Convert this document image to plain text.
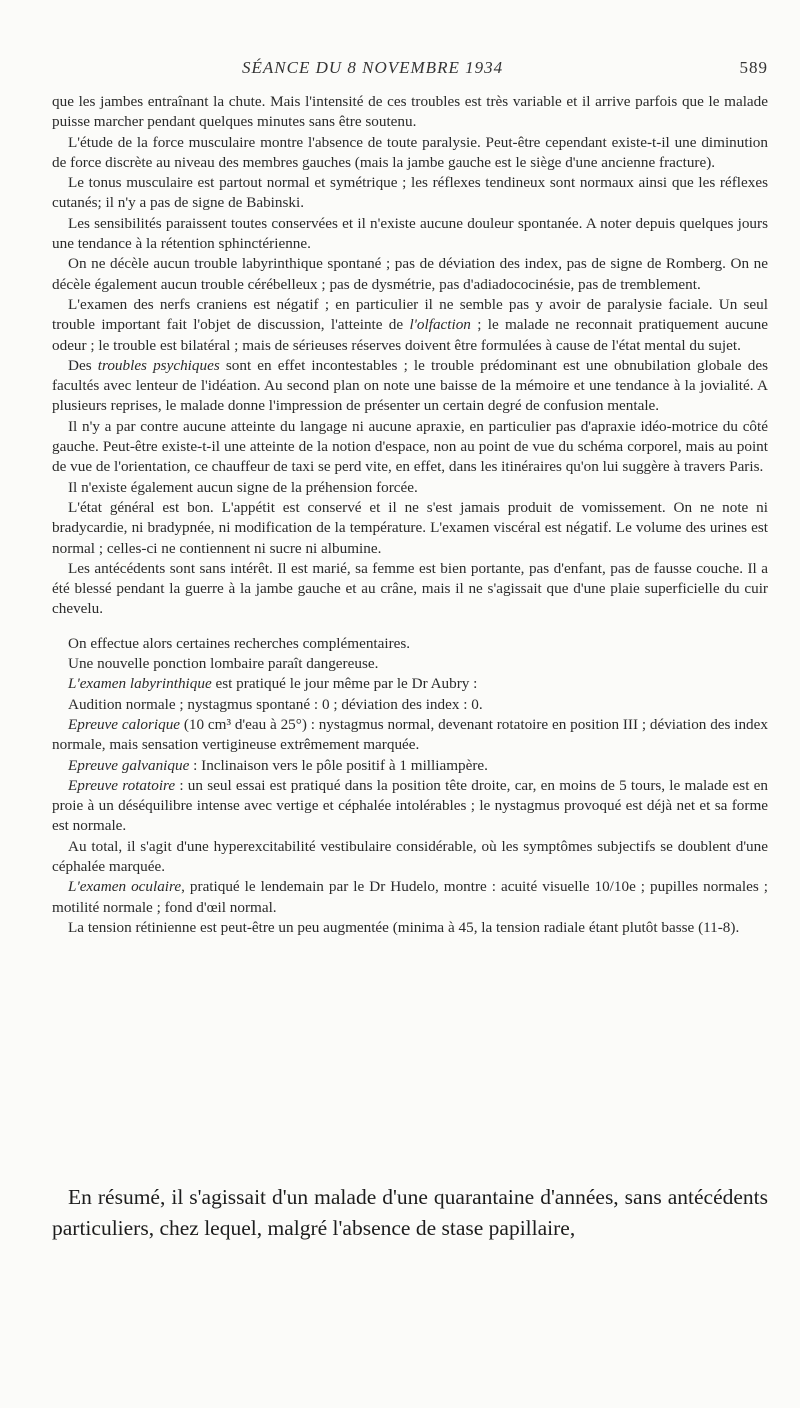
SÉANCE DU 8 NOVEMBRE 1934	589

que les jambes entraînant la chute. Mais l'intensité de ces troubles est très variable et il arrive parfois que le malade puisse marcher pendant quelques minutes sans être soutenu.

L'étude de la force musculaire montre l'absence de toute paralysie. Peut-être cependant existe-t-il une diminution de force discrète au niveau des membres gauches (mais la jambe gauche est le siège d'une ancienne fracture).

Le tonus musculaire est partout normal et symétrique ; les réflexes tendineux sont normaux ainsi que les réflexes cutanés; il n'y a pas de signe de Babinski.

Les sensibilités paraissent toutes conservées et il n'existe aucune douleur spontanée. A noter depuis quelques jours une tendance à la rétention sphinctérienne.

On ne décèle aucun trouble labyrinthique spontané ; pas de déviation des index, pas de signe de Romberg. On ne décèle également aucun trouble cérébelleux ; pas de dysmétrie, pas d'adiadococinésie, pas de tremblement.

L'examen des nerfs craniens est négatif ; en particulier il ne semble pas y avoir de paralysie faciale. Un seul trouble important fait l'objet de discussion, l'atteinte de l'olfaction ; le malade ne reconnait pratiquement aucune odeur ; le trouble est bilatéral ; mais de sérieuses réserves doivent être formulées à cause de l'état mental du sujet.

Des troubles psychiques sont en effet incontestables ; le trouble prédominant est une obnubilation globale des facultés avec lenteur de l'idéation. Au second plan on note une baisse de la mémoire et une tendance à la jovialité. A plusieurs reprises, le malade donne l'impression de présenter un certain degré de confusion mentale.

Il n'y a par contre aucune atteinte du langage ni aucune apraxie, en particulier pas d'apraxie idéo-motrice du côté gauche. Peut-être existe-t-il une atteinte de la notion d'espace, non au point de vue du schéma corporel, mais au point de vue de l'orientation, ce chauffeur de taxi se perd vite, en effet, dans les itinéraires qu'on lui suggère à travers Paris.

Il n'existe également aucun signe de la préhension forcée.

L'état général est bon. L'appétit est conservé et il ne s'est jamais produit de vomissement. On ne note ni bradycardie, ni bradypnée, ni modification de la température. L'examen viscéral est négatif. Le volume des urines est normal ; celles-ci ne contiennent ni sucre ni albumine.

Les antécédents sont sans intérêt. Il est marié, sa femme est bien portante, pas d'enfant, pas de fausse couche. Il a été blessé pendant la guerre à la jambe gauche et au crâne, mais il ne s'agissait que d'une plaie superficielle du cuir chevelu.

On effectue alors certaines recherches complémentaires.

Une nouvelle ponction lombaire paraît dangereuse.

L'examen labyrinthique est pratiqué le jour même par le Dr Aubry :

Audition normale ; nystagmus spontané : 0 ; déviation des index : 0.

Epreuve calorique (10 cm³ d'eau à 25°) : nystagmus normal, devenant rotatoire en position III ; déviation des index normale, mais sensation vertigineuse extrêmement marquée.

Epreuve galvanique : Inclinaison vers le pôle positif à 1 milliampère.

Epreuve rotatoire : un seul essai est pratiqué dans la position tête droite, car, en moins de 5 tours, le malade est en proie à un déséquilibre intense avec vertige et céphalée intolérables ; le nystagmus provoqué est déjà net et sa forme est normale.

Au total, il s'agit d'une hyperexcitabilité vestibulaire considérable, où les symptômes subjectifs se doublent d'une céphalée marquée.

L'examen oculaire, pratiqué le lendemain par le Dr Hudelo, montre : acuité visuelle 10/10e ; pupilles normales ; motilité normale ; fond d'œil normal.

La tension rétinienne est peut-être un peu augmentée (minima à 45, la tension radiale étant plutôt basse (11-8).

En résumé, il s'agissait d'un malade d'une quarantaine d'années, sans antécédents particuliers, chez lequel, malgré l'absence de stase papillaire,
